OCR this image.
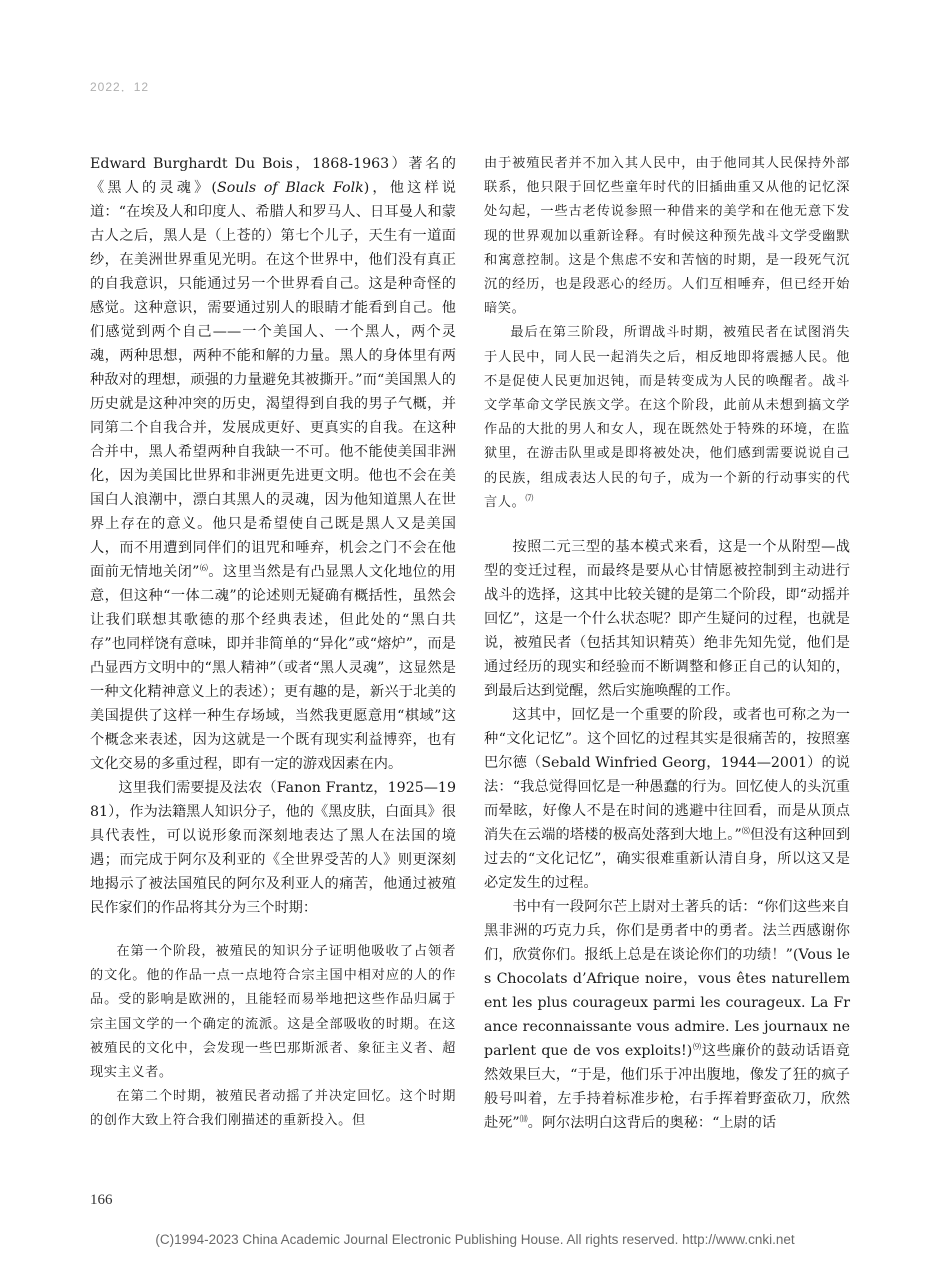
2022．12

Edward Burghardt Du Bois，1868-1963）著名的《黑人的灵魂》(Souls of Black Folk)，他这样说道：“在埃及人和印度人、希腊人和罗马人、日耳曼人和蒙古人之后，黑人是（上苍的）第七个儿子，天生有一道面纱，在美洲世界重见光明。在这个世界中，他们没有真正的自我意识，只能通过另一个世界看自己。这是种奇怪的感觉。这种意识，需要通过别人的眼睛才能看到自己。他们感觉到两个自己——一个美国人、一个黑人，两个灵魂，两种思想，两种不能和解的力量。黑人的身体里有两种敌对的理想，顽强的力量避免其被撕开。”而“美国黑人的历史就是这种冲突的历史，渴望得到自我的男子气概，并同第二个自我合并，发展成更好、更真实的自我。在这种合并中，黑人希望两种自我缺一不可。他不能使美国非洲化，因为美国比世界和非洲更先进更文明。他也不会在美国白人浪潮中，漂白其黑人的灵魂，因为他知道黑人在世界上存在的意义。他只是希望使自己既是黑人又是美国人，而不用遭到同伴们的诅咒和唾弃，机会之门不会在他面前无情地关闭”⑹。这里当然是有凸显黑人文化地位的用意，但这种“一体二魂”的论述则无疑确有概括性，虽然会让我们联想其歌德的那个经典表述，但此处的“黑白共存”也同样饶有意味，即并非简单的“异化”或“熔炉”，而是凸显西方文明中的“黑人精神”（或者“黑人灵魂”，这显然是一种文化精神意义上的表述）；更有趣的是，新兴于北美的美国提供了这样一种生存场域，当然我更愿意用“棋域”这个概念来表述，因为这就是一个既有现实利益博弈，也有文化交易的多重过程，即有一定的游戏因素在内。

这里我们需要提及法农（Fanon Frantz，1925—1981），作为法籍黑人知识分子，他的《黑皮肤，白面具》很具代表性，可以说形象而深刻地表达了黑人在法国的境遇；而完成于阿尔及利亚的《全世界受苦的人》则更深刻地揭示了被法国殖民的阿尔及利亚人的痛苦，他通过被殖民作家们的作品将其分为三个时期：

在第一个阶段，被殖民的知识分子证明他吸收了占领者的文化。他的作品一点一点地符合宗主国中相对应的人的作品。受的影响是欧洲的，且能轻而易举地把这些作品归属于宗主国文学的一个确定的流派。这是全部吸收的时期。在这被殖民的文化中，会发现一些巴那斯派者、象征主义者、超现实主义者。

在第二个时期，被殖民者动摇了并决定回忆。这个时期的创作大致上符合我们刚描述的重新投入。但

由于被殖民者并不加入其人民中，由于他同其人民保持外部联系，他只限于回忆些童年时代的旧插曲重又从他的记忆深处勾起，一些古老传说参照一种借来的美学和在他无意下发现的世界观加以重新诠释。有时候这种预先战斗文学受幽默和寓意控制。这是个焦虑不安和苦恼的时期，是一段死气沉沉的经历，也是段恶心的经历。人们互相唾弃，但已经开始暗笑。

最后在第三阶段，所谓战斗时期，被殖民者在试图消失于人民中，同人民一起消失之后，相反地即将震撼人民。他不是促使人民更加迟钝，而是转变成为人民的唤醒者。战斗文学革命文学民族文学。在这个阶段，此前从未想到搞文学作品的大批的男人和女人，现在既然处于特殊的环境，在监狱里，在游击队里或是即将被处决，他们感到需要说说自己的民族，组成表达人民的句子，成为一个新的行动事实的代言人。⑺

按照二元三型的基本模式来看，这是一个从附型—战型的变迁过程，而最终是要从心甘情愿被控制到主动进行战斗的选择，这其中比较关键的是第二个阶段，即“动摇并回忆”，这是一个什么状态呢？即产生疑问的过程，也就是说，被殖民者（包括其知识精英）绝非先知先觉，他们是通过经历的现实和经验而不断调整和修正自己的认知的，到最后达到觉醒，然后实施唤醒的工作。

这其中，回忆是一个重要的阶段，或者也可称之为一种“文化记忆”。这个回忆的过程其实是很痛苦的，按照塞巴尔德（Sebald Winfried Georg，1944—2001）的说法：“我总觉得回忆是一种愚蠢的行为。回忆使人的头沉重而晕眩，好像人不是在时间的逃避中往回看，而是从顶点消失在云端的塔楼的极高处落到大地上。”⑻但没有这种回到过去的“文化记忆”，确实很难重新认清自身，所以这又是必定发生的过程。

书中有一段阿尔芒上尉对土著兵的话：“你们这些来自黑非洲的巧克力兵，你们是勇者中的勇者。法兰西感谢你们，欣赏你们。报纸上总是在谈论你们的功绩！”(Vous les Chocolats d’Afrique noire，vous êtes naturellement les plus courageux parmi les courageux. La France reconnaissante vous admire. Les journaux ne parlent que de vos exploits!)⑼这些廉价的鼓动话语竟然效果巨大，“于是，他们乐于冲出腹地，像发了狂的疯子般号叫着，左手持着标准步枪，右手挥着野蛮砍刀，欣然赴死”⑽。阿尔法明白这背后的奥秘：“上尉的话

166
(C)1994-2023 China Academic Journal Electronic Publishing House. All rights reserved. http://www.cnki.net
